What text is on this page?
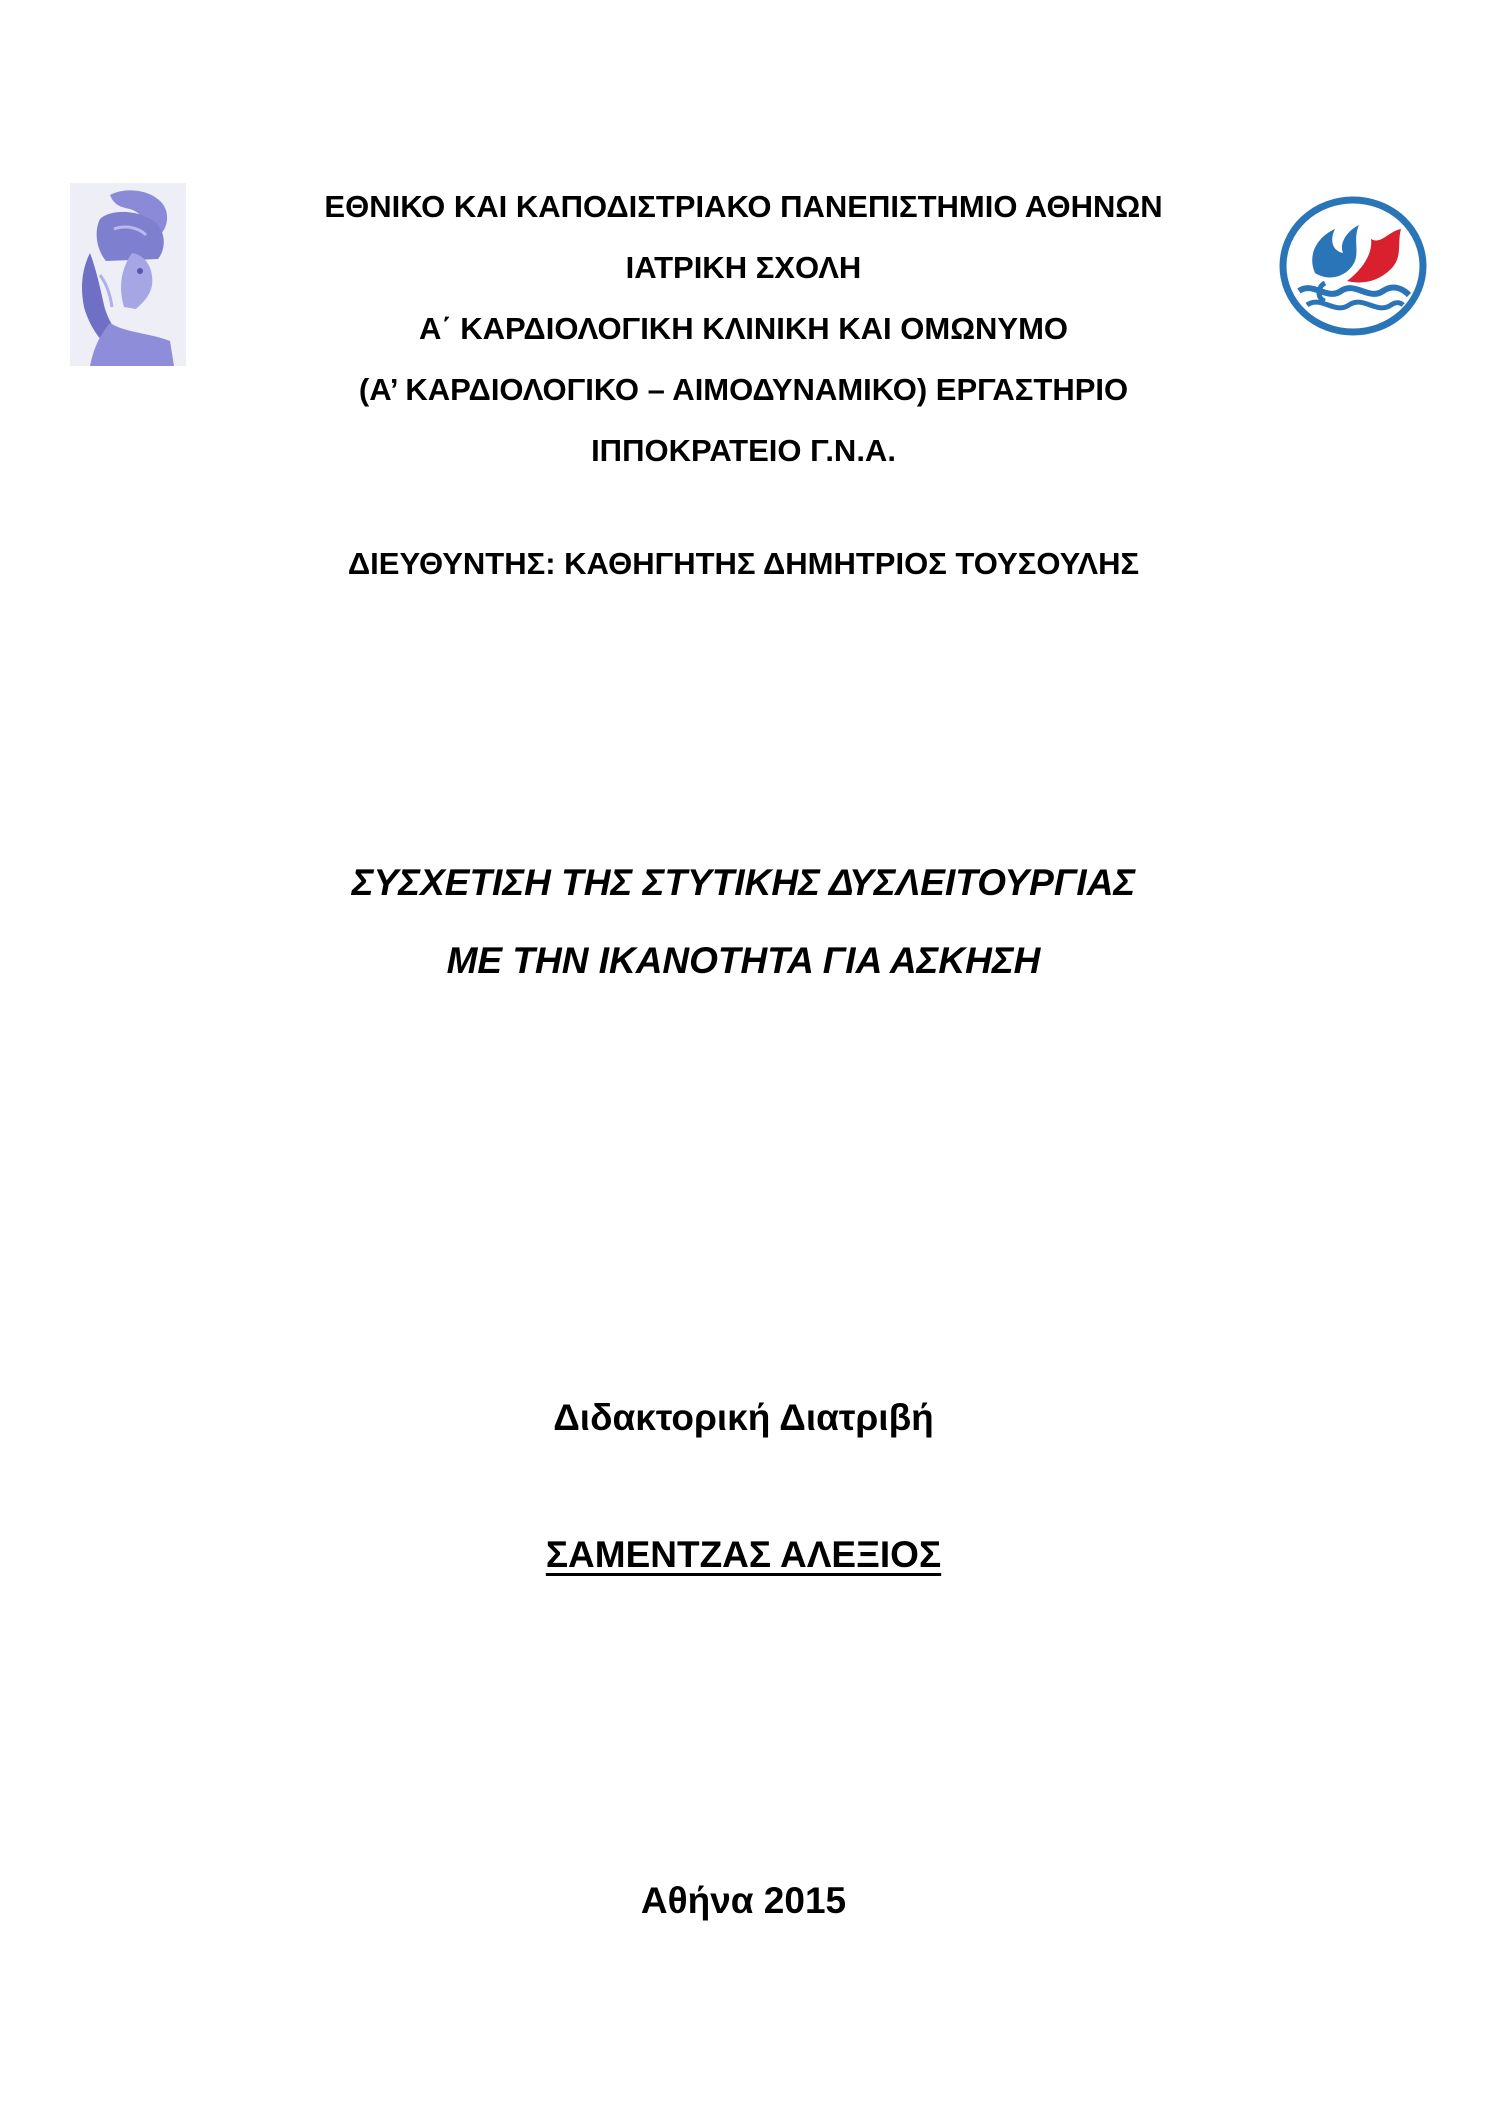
ΕΘΝΙΚΟ ΚΑΙ ΚΑΠΟΔΙΣΤΡΙΑΚΟ ΠΑΝΕΠΙΣΤΗΜΙΟ ΑΘΗΝΩΝ
ΙΑΤΡΙΚΗ ΣΧΟΛΗ
Α΄ ΚΑΡΔΙΟΛΟΓΙΚΗ ΚΛΙΝΙΚΗ ΚΑΙ ΟΜΩΝΥΜΟ
(Α’ ΚΑΡΔΙΟΛΟΓΙΚΟ – ΑΙΜΟΔΥΝΑΜΙΚΟ) ΕΡΓΑΣΤΗΡΙΟ
ΙΠΠΟΚΡΑΤΕΙΟ Γ.Ν.Α.
ΔΙΕΥΘΥΝΤΗΣ: ΚΑΘΗΓΗΤΗΣ ΔΗΜΗΤΡΙΟΣ ΤΟΥΣΟΥΛΗΣ
ΣΥΣΧΕΤΙΣΗ ΤΗΣ ΣΤΥΤΙΚΗΣ ΔΥΣΛΕΙΤΟΥΡΓΙΑΣ
ΜΕ ΤΗΝ ΙΚΑΝΟΤΗΤΑ ΓΙΑ ΑΣΚΗΣΗ
Διδακτορική Διατριβή
ΣΑΜΕΝΤΖΑΣ ΑΛΕΞΙΟΣ
Αθήνα 2015
